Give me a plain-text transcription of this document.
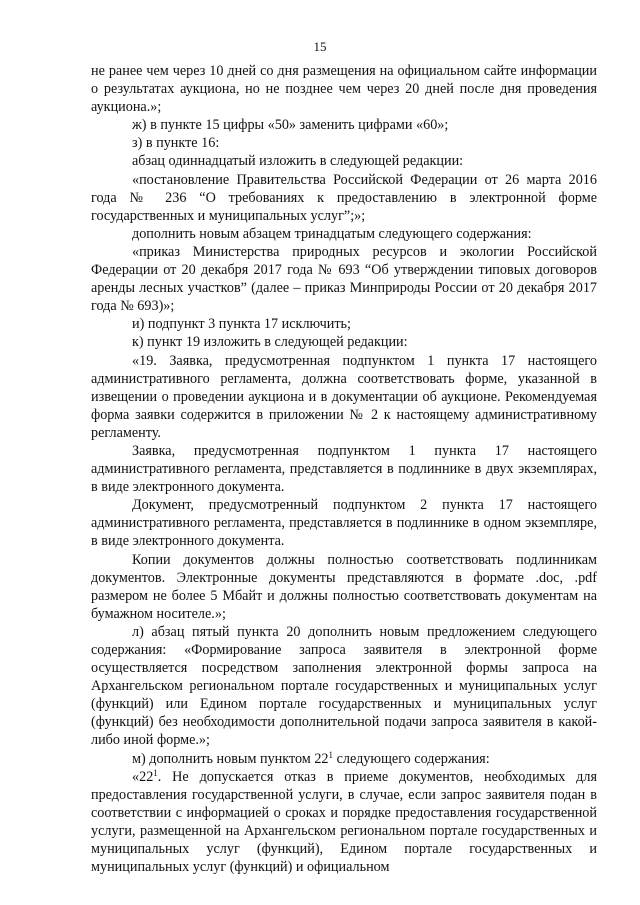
15

не ранее чем через 10 дней со дня размещения на официальном сайте информации о результатах аукциона, но не позднее чем через 20 дней после дня проведения аукциона.»;

ж) в пункте 15 цифры «50» заменить цифрами «60»;

з) в пункте 16:

абзац одиннадцатый изложить в следующей редакции:

«постановление Правительства Российской Федерации от 26 марта 2016 года № 236 “О требованиях к предоставлению в электронной форме государственных и муниципальных услуг”;»;

дополнить новым абзацем тринадцатым следующего содержания:

«приказ Министерства природных ресурсов и экологии Российской Федерации от 20 декабря 2017 года № 693 “Об утверждении типовых договоров аренды лесных участков” (далее – приказ Минприроды России от 20 декабря 2017 года № 693)»;

и) подпункт 3 пункта 17 исключить;

к) пункт 19 изложить в следующей редакции:

«19. Заявка, предусмотренная подпунктом 1 пункта 17 настоящего административного регламента, должна соответствовать форме, указанной в извещении о проведении аукциона и в документации об аукционе. Рекомендуемая форма заявки содержится в приложении № 2 к настоящему административному регламенту.

Заявка, предусмотренная подпунктом 1 пункта 17 настоящего административного регламента, представляется в подлиннике в двух экземплярах, в виде электронного документа.

Документ, предусмотренный подпунктом 2 пункта 17 настоящего административного регламента, представляется в подлиннике в одном экземпляре, в виде электронного документа.

Копии документов должны полностью соответствовать подлинникам документов. Электронные документы представляются в формате .doc, .pdf размером не более 5 Мбайт и должны полностью соответствовать документам на бумажном носителе.»;

л) абзац пятый пункта 20 дополнить новым предложением следующего содержания: «Формирование запроса заявителя в электронной форме осуществляется посредством заполнения электронной формы запроса на Архангельском региональном портале государственных и муниципальных услуг (функций) или Едином портале государственных и муниципальных услуг (функций) без необходимости дополнительной подачи запроса заявителя в какой-либо иной форме.»;

м) дополнить новым пунктом $22^1$ следующего содержания:

«$22^1$. Не допускается отказ в приеме документов, необходимых для предоставления государственной услуги, в случае, если запрос заявителя подан в соответствии с информацией о сроках и порядке предоставления государственной услуги, размещенной на Архангельском региональном портале государственных и муниципальных услуг (функций), Едином портале государственных и муниципальных услуг (функций) и официальном
